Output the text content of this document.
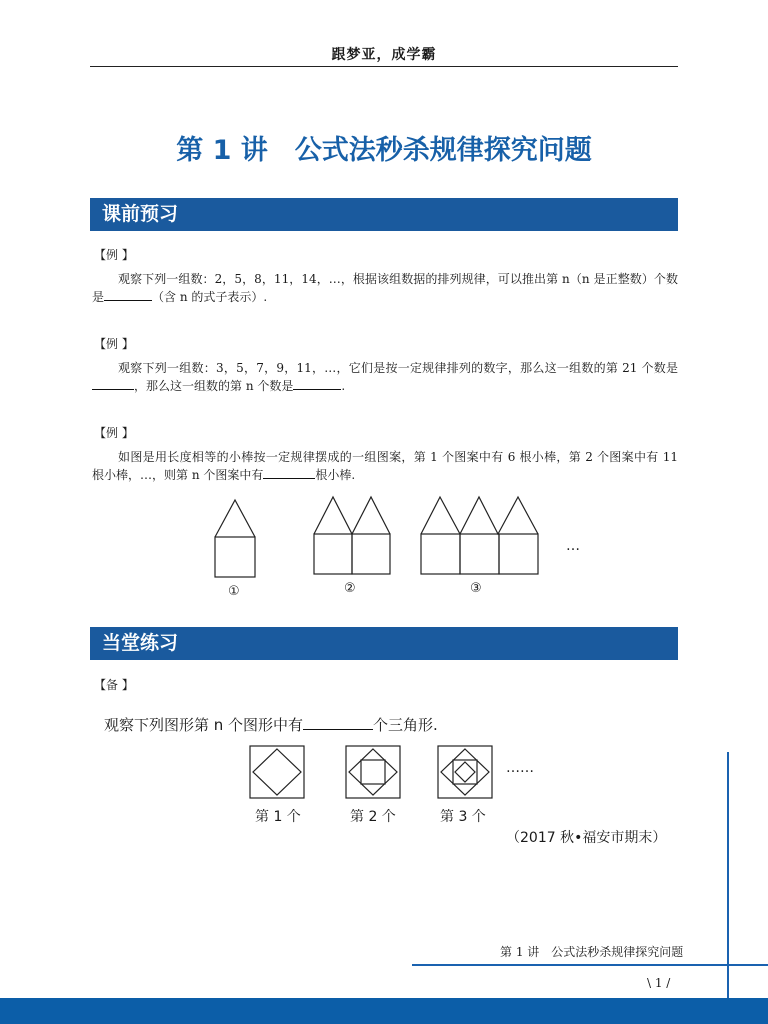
跟梦亚，成学霸
第 1 讲　公式法秒杀规律探究问题
课前预习
【例 】
观察下列一组数：2，5，8，11，14，…，根据该组数据的排列规律，可以推出第 n（n 是正整数）个数是	（含 n 的式子表示）.
【例 】
观察下列一组数：3，5，7，9，11，…，它们是按一定规律排列的数字，那么这一组数的第 21 个数是，那么这一组数的第 n 个数是	.
【例 】
如图是用长度相等的小棒按一定规律摆成的一组图案，第 1 个图案中有 6 根小棒，第 2 个图案中有 11 根小棒，…，则第 n 个图案中有	根小棒.
…
①	②	③
当堂练习
【备 】
观察下列图形第 n 个图形中有	个三角形.
……
第 1 个	第 2 个	第 3 个
（2017 秋•福安市期末）
第 1 讲　公式法秒杀规律探究问题
\ 1 /
